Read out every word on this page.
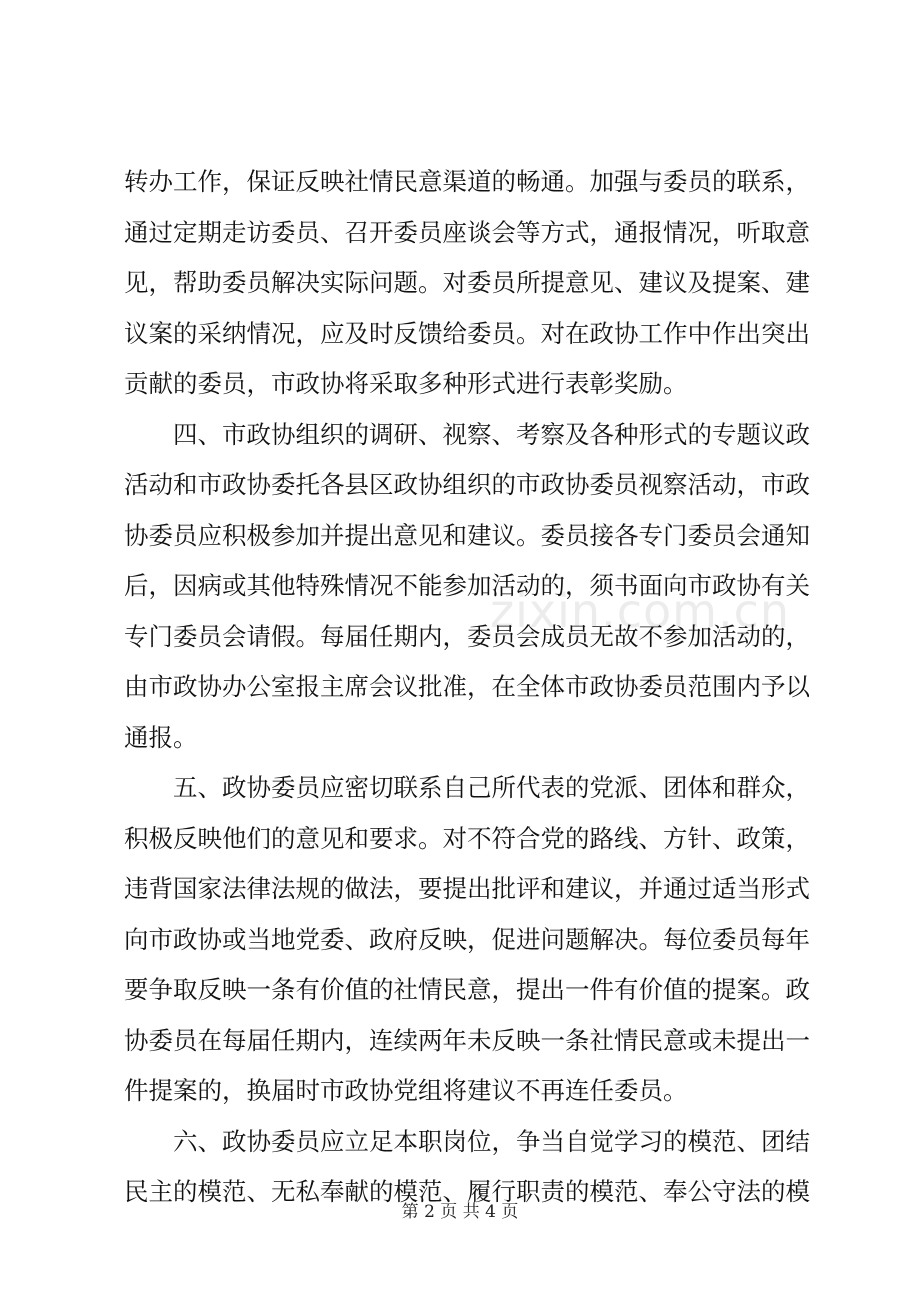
zixin.com.cn
转办工作，保证反映社情民意渠道的畅通。加强与委员的联系，
通过定期走访委员、召开委员座谈会等方式，通报情况，听取意
见，帮助委员解决实际问题。对委员所提意见、建议及提案、建
议案的采纳情况，应及时反馈给委员。对在政协工作中作出突出
贡献的委员，市政协将采取多种形式进行表彰奖励。
四、市政协组织的调研、视察、考察及各种形式的专题议政
活动和市政协委托各县区政协组织的市政协委员视察活动，市政
协委员应积极参加并提出意见和建议。委员接各专门委员会通知
后，因病或其他特殊情况不能参加活动的，须书面向市政协有关
专门委员会请假。每届任期内，委员会成员无故不参加活动的，
由市政协办公室报主席会议批准，在全体市政协委员范围内予以
通报。
五、政协委员应密切联系自己所代表的党派、团体和群众，
积极反映他们的意见和要求。对不符合党的路线、方针、政策，
违背国家法律法规的做法，要提出批评和建议，并通过适当形式
向市政协或当地党委、政府反映，促进问题解决。每位委员每年
要争取反映一条有价值的社情民意，提出一件有价值的提案。政
协委员在每届任期内，连续两年未反映一条社情民意或未提出一
件提案的，换届时市政协党组将建议不再连任委员。
六、政协委员应立足本职岗位，争当自觉学习的模范、团结
民主的模范、无私奉献的模范、履行职责的模范、奉公守法的模
第 2 页 共 4 页
